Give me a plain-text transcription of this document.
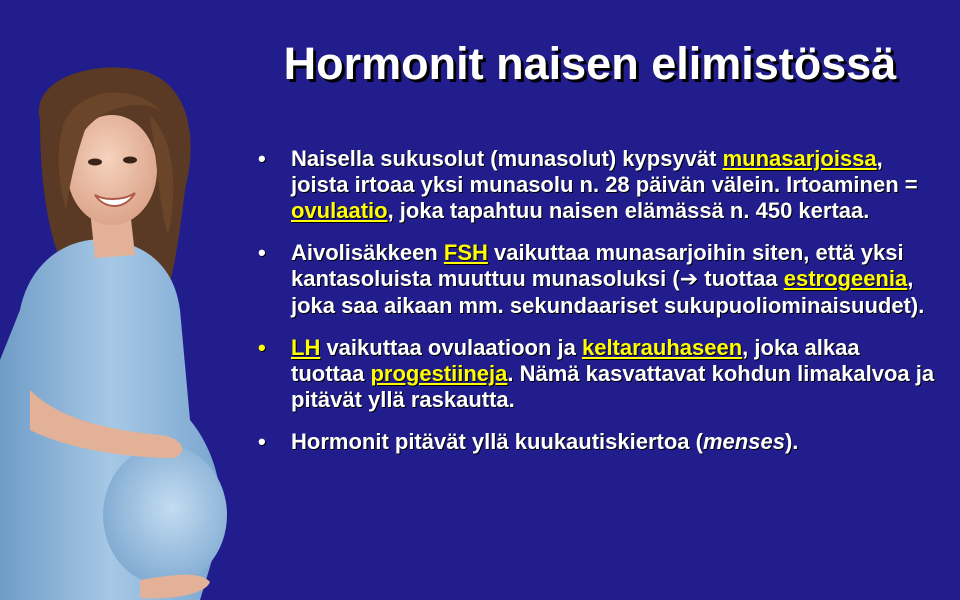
Hormonit naisen elimistössä
• Naisella sukusolut (munasolut) kypsyvät munasarjoissa, joista irtoaa yksi munasolu n. 28 päivän välein. Irtoaminen = ovulaatio, joka tapahtuu naisen elämässä n. 450 kertaa.
• Aivolisäkkeen FSH vaikuttaa munasarjoihin siten, että yksi kantasoluista muuttuu munasoluksi (➔ tuottaa estrogeenia, joka saa aikaan mm. sekundaariset sukupuoliominaisuudet).
• LH vaikuttaa ovulaatioon ja keltarauhaseen, joka alkaa tuottaa progestiineja. Nämä kasvattavat kohdun limakalvoa ja pitävät yllä raskautta.
• Hormonit pitävät yllä kuukautiskiertoa (menses).
